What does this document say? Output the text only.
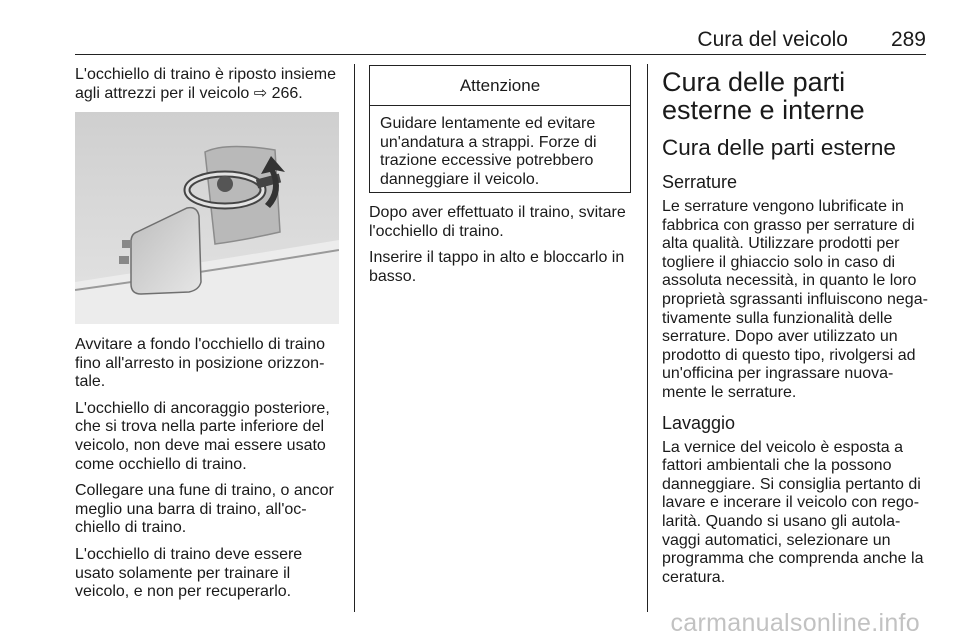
Cura del veicolo 289

L'occhiello di traino è riposto insieme agli attrezzi per il veicolo ⇨ 266.

Avvitare a fondo l'occhiello di traino fino all'arresto in posizione orizzon-tale.

L'occhiello di ancoraggio posteriore, che si trova nella parte inferiore del veicolo, non deve mai essere usato come occhiello di traino.

Collegare una fune di traino, o ancor meglio una barra di traino, all'oc-chiello di traino.

L'occhiello di traino deve essere usato solamente per trainare il veicolo, e non per recuperarlo.

Attenzione
Guidare lentamente ed evitare un'andatura a strappi. Forze di trazione eccessive potrebbero danneggiare il veicolo.

Dopo aver effettuato il traino, svitare l'occhiello di traino.

Inserire il tappo in alto e bloccarlo in basso.

Cura delle parti esterne e interne
Cura delle parti esterne
Serrature

Le serrature vengono lubrificate in fabbrica con grasso per serrature di alta qualità. Utilizzare prodotti per togliere il ghiaccio solo in caso di assoluta necessità, in quanto le loro proprietà sgrassanti influiscono nega-tivamente sulla funzionalità delle serrature. Dopo aver utilizzato un prodotto di questo tipo, rivolgersi ad un'officina per ingrassare nuova-mente le serrature.

Lavaggio

La vernice del veicolo è esposta a fattori ambientali che la possono danneggiare. Si consiglia pertanto di lavare e incerare il veicolo con rego-larità. Quando si usano gli autola-vaggi automatici, selezionare un programma che comprenda anche la ceratura.

carmanualsonline.info
